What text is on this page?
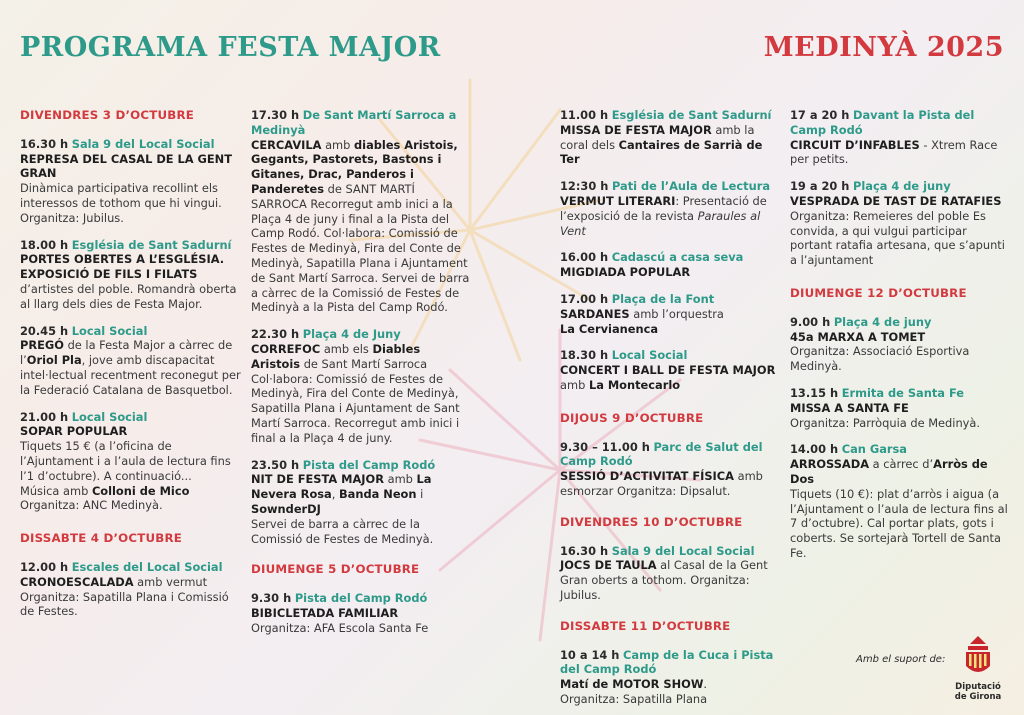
PROGRAMA FESTA MAJOR	MEDINYÀ 2025
DIVENDRES 3 D’OCTUBRE
16.30 h Sala 9 del Local Social
REPRESA DEL CASAL DE LA GENT GRAN
Dinàmica participativa recollint els interessos de tothom que hi vingui. Organitza: Jubilus.
18.00 h Església de Sant Sadurní
PORTES OBERTES A L’ESGLÉSIA. EXPOSICIÓ DE FILS I FILATS
d’artistes del poble. Romandrà oberta al llarg dels dies de Festa Major.
20.45 h Local Social
PREGÓ de la Festa Major a càrrec de l’Oriol Pla, jove amb discapacitat intel·lectual recentment reconegut per la Federació Catalana de Basquetbol.
21.00 h Local Social
SOPAR POPULAR
Tiquets 15 € (a l’oficina de l’Ajuntament i a l’aula de lectura fins l’1 d’octubre). A continuació...
Música amb Colloni de Mico
Organitza: ANC Medinyà.
DISSABTE 4 D’OCTUBRE
12.00 h Escales del Local Social
CRONOESCALADA amb vermut Organitza: Sapatilla Plana i Comissió de Festes.
17.30 h De Sant Martí Sarroca a Medinyà
CERCAVILA amb diables Aristois, Gegants, Pastorets, Bastons i Gitanes, Drac, Panderos i Panderetes de SANT MARTÍ SARROCA Recorregut amb inici a la Plaça 4 de juny i final a la Pista del Camp Rodó. Col·labora: Comissió de Festes de Medinyà, Fira del Conte de Medinyà, Sapatilla Plana i Ajuntament de Sant Martí Sarroca. Servei de barra a càrrec de la Comissió de Festes de Medinyà a la Pista del Camp Rodó.
22.30 h Plaça 4 de Juny
CORREFOC amb els Diables Aristois de Sant Martí Sarroca Col·labora: Comissió de Festes de Medinyà, Fira del Conte de Medinyà, Sapatilla Plana i Ajuntament de Sant Martí Sarroca. Recorregut amb inici i final a la Plaça 4 de juny.
23.50 h Pista del Camp Rodó
NIT DE FESTA MAJOR amb La Nevera Rosa, Banda Neon i SownderDJ
Servei de barra a càrrec de la Comissió de Festes de Medinyà.
DIUMENGE 5 D’OCTUBRE
9.30 h Pista del Camp Rodó
BIBICLETADA FAMILIAR
Organitza: AFA Escola Santa Fe
11.00 h Església de Sant Sadurní
MISSA DE FESTA MAJOR amb la coral dels Cantaires de Sarrià de Ter
12:30 h Pati de l’Aula de Lectura
VERMUT LITERARI: Presentació de l’exposició de la revista Paraules al Vent
16.00 h Cadascú a casa seva
MIGDIADA POPULAR
17.00 h Plaça de la Font
SARDANES amb l’orquestra
La Cervianenca
18.30 h Local Social
CONCERT I BALL DE FESTA MAJOR
amb La Montecarlo
DIJOUS 9 D’OCTUBRE
9.30 – 11.00 h Parc de Salut del Camp Rodó
SESSIÓ D’ACTIVITAT FÍSICA amb esmorzar Organitza: Dipsalut.
DIVENDRES 10 D’OCTUBRE
16.30 h Sala 9 del Local Social
JOCS DE TAULA al Casal de la Gent Gran oberts a tothom. Organitza: Jubilus.
DISSABTE 11 D’OCTUBRE
10 a 14 h Camp de la Cuca i Pista del Camp Rodó
Matí de MOTOR SHOW.
Organitza: Sapatilla Plana
17 a 20 h Davant la Pista del Camp Rodó
CIRCUIT D’INFABLES - Xtrem Race per petits.
19 a 20 h Plaça 4 de juny
VESPRADA DE TAST DE RATAFIES
Organitza: Remeieres del poble Es convida, a qui vulgui participar portant ratafia artesana, que s’apunti a l’ajuntament
DIUMENGE 12 D’OCTUBRE
9.00 h Plaça 4 de juny
45a MARXA A TOMET
Organitza: Associació Esportiva Medinyà.
13.15 h Ermita de Santa Fe
MISSA A SANTA FE
Organitza: Parròquia de Medinyà.
14.00 h Can Garsa
ARROSSADA a càrrec d’Arròs de Dos
Tiquets (10 €): plat d’arròs i aigua (a l’Ajuntament o l’aula de lectura fins al 7 d’octubre). Cal portar plats, gots i coberts. Se sortejarà Tortell de Santa Fe.
Amb el suport de:
Diputació
de Girona
